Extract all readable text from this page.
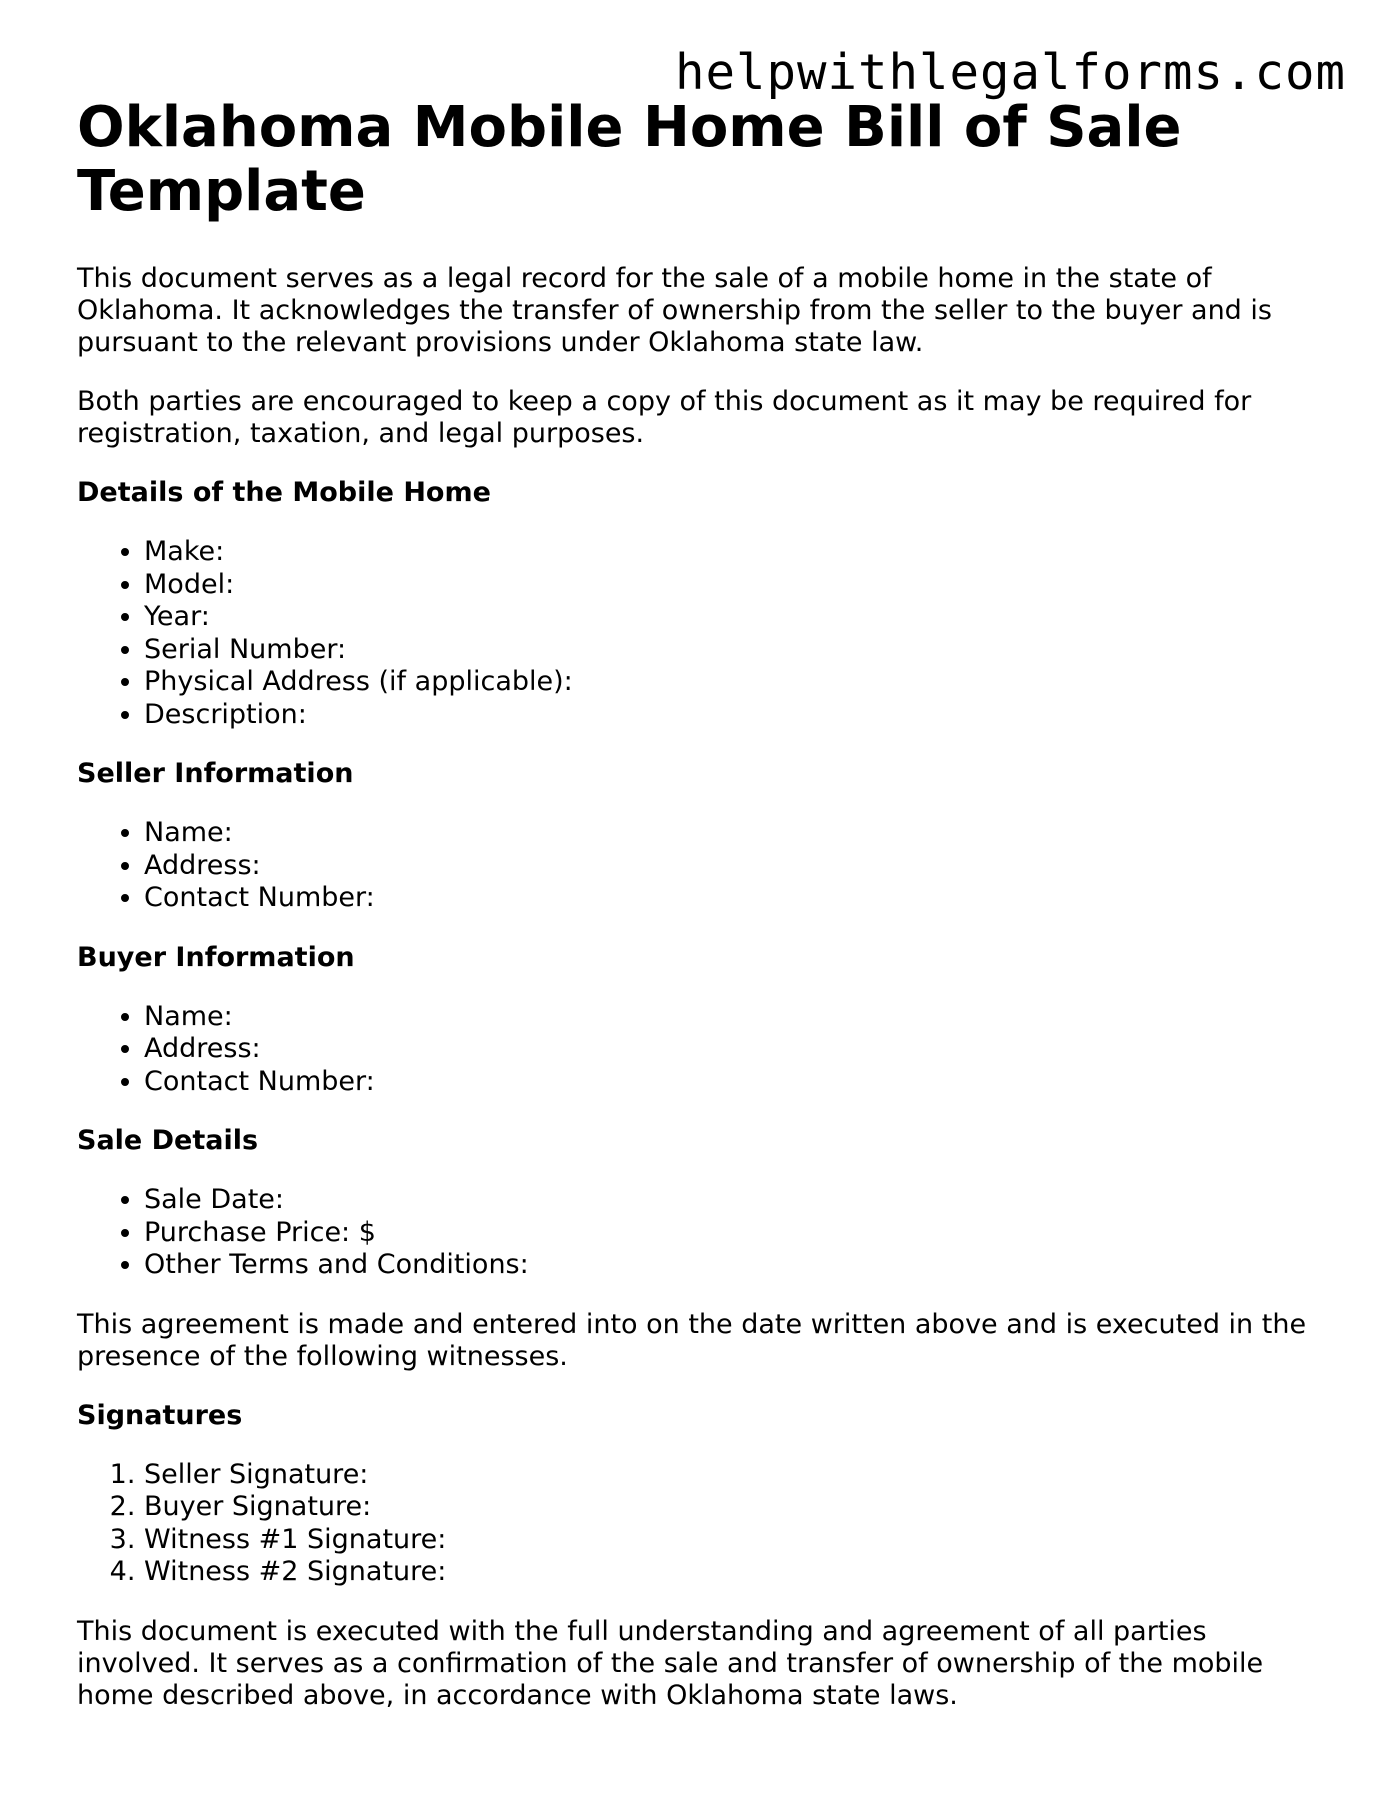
helpwithlegalforms.com
Oklahoma Mobile Home Bill of Sale Template

This document serves as a legal record for the sale of a mobile home in the state of Oklahoma. It acknowledges the transfer of ownership from the seller to the buyer and is pursuant to the relevant provisions under Oklahoma state law.

Both parties are encouraged to keep a copy of this document as it may be required for registration, taxation, and legal purposes.

Details of the Mobile Home
• Make:
• Model:
• Year:
• Serial Number:
• Physical Address (if applicable):
• Description:
Seller Information
• Name:
• Address:
• Contact Number:
Buyer Information
• Name:
• Address:
• Contact Number:
Sale Details
• Sale Date:
• Purchase Price: $
• Other Terms and Conditions:

This agreement is made and entered into on the date written above and is executed in the presence of the following witnesses.

Signatures
1. Seller Signature:
2. Buyer Signature:
3. Witness #1 Signature:
4. Witness #2 Signature:

This document is executed with the full understanding and agreement of all parties involved. It serves as a confirmation of the sale and transfer of ownership of the mobile home described above, in accordance with Oklahoma state laws.
